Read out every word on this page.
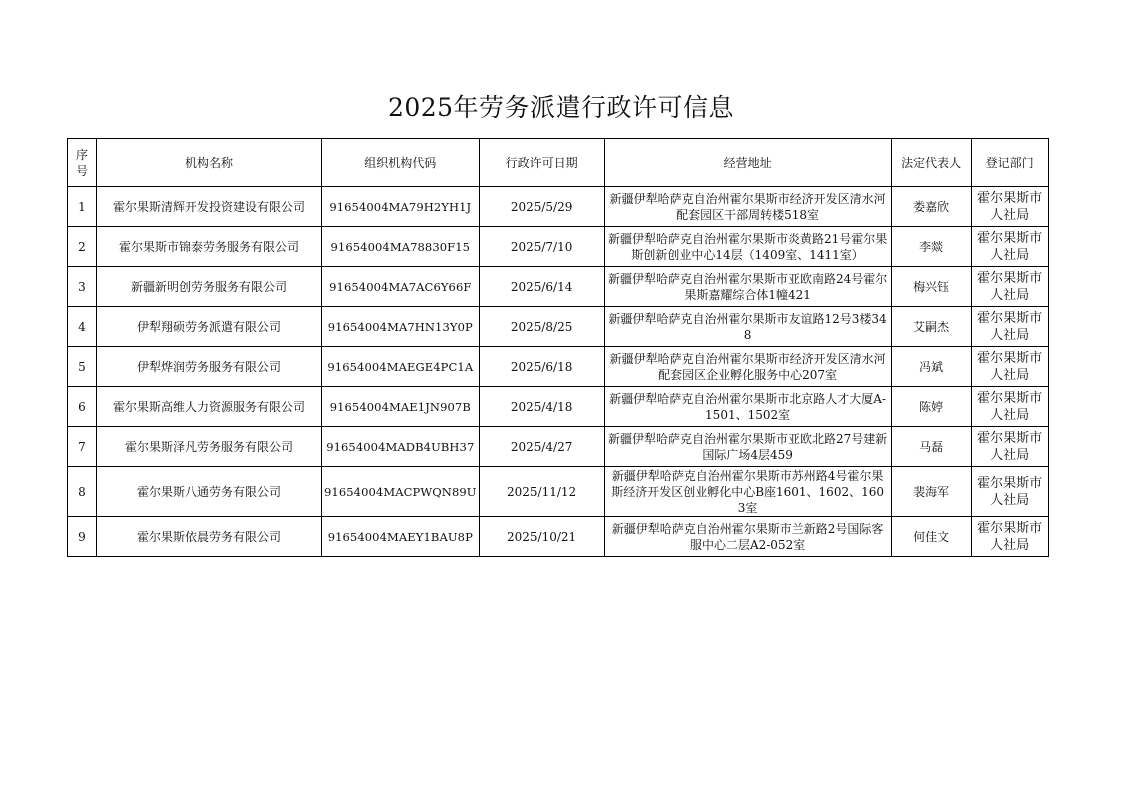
2025年劳务派遣行政许可信息
序号	机构名称	组织机构代码	行政许可日期	经营地址	法定代表人	登记部门
1	霍尔果斯清辉开发投资建设有限公司	91654004MA79H2YH1J	2025/5/29	新疆伊犁哈萨克自治州霍尔果斯市经济开发区清水河配套园区干部周转楼518室	娄嘉欣	霍尔果斯市人社局
2	霍尔果斯市锦泰劳务服务有限公司	91654004MA78830F15	2025/7/10	新疆伊犁哈萨克自治州霍尔果斯市炎黄路21号霍尔果斯创新创业中心14层（1409室、1411室）	李燚	霍尔果斯市人社局
3	新疆新明创劳务服务有限公司	91654004MA7AC6Y66F	2025/6/14	新疆伊犁哈萨克自治州霍尔果斯市亚欧南路24号霍尔果斯嘉耀综合体1幢421	梅兴钰	霍尔果斯市人社局
4	伊犁翔硕劳务派遣有限公司	91654004MA7HN13Y0P	2025/8/25	新疆伊犁哈萨克自治州霍尔果斯市友谊路12号3楼348	艾嗣杰	霍尔果斯市人社局
5	伊犁烨润劳务服务有限公司	91654004MAEGE4PC1A	2025/6/18	新疆伊犁哈萨克自治州霍尔果斯市经济开发区清水河配套园区企业孵化服务中心207室	冯斌	霍尔果斯市人社局
6	霍尔果斯高维人力资源服务有限公司	91654004MAE1JN907B	2025/4/18	新疆伊犁哈萨克自治州霍尔果斯市北京路人才大厦A-1501、1502室	陈婷	霍尔果斯市人社局
7	霍尔果斯泽凡劳务服务有限公司	91654004MADB4UBH37	2025/4/27	新疆伊犁哈萨克自治州霍尔果斯市亚欧北路27号建新国际广场4层459	马磊	霍尔果斯市人社局
8	霍尔果斯八通劳务有限公司	91654004MACPWQN89U	2025/11/12	新疆伊犁哈萨克自治州霍尔果斯市苏州路4号霍尔果斯经济开发区创业孵化中心B座1601、1602、1603室	裴海军	霍尔果斯市人社局
9	霍尔果斯依晨劳务有限公司	91654004MAEY1BAU8P	2025/10/21	新疆伊犁哈萨克自治州霍尔果斯市兰新路2号国际客服中心二层A2-052室	何佳文	霍尔果斯市人社局
